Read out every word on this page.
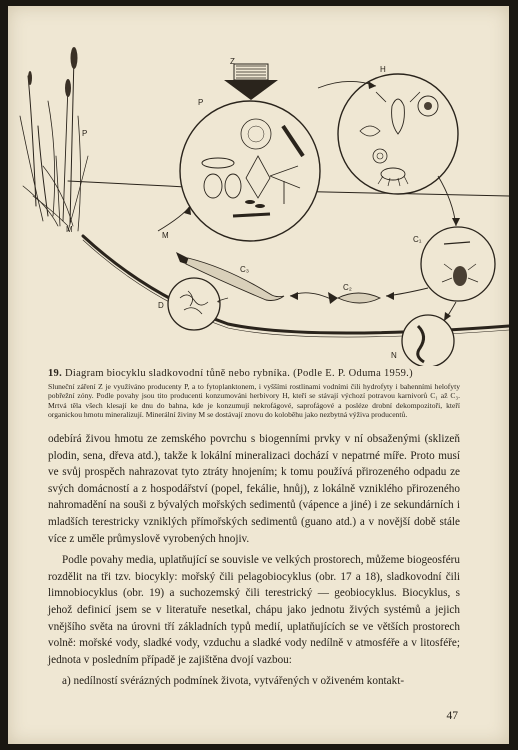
Z
P
H
M	C₁
C₂
C₃
D
N
P
M

19. Diagram biocyklu sladkovodní tůně nebo rybníka. (Podle E. P. Oduma 1959.)

Sluneční záření Z je využíváno producenty P, a to fytoplanktonem, i vyššími rostlinami vodními čili hydrofyty i bahenními helofyty pobřežní zóny. Podle povahy jsou tito producenti konzumováni herbivory H, kteří se stávají výchozí potravou karnivorů C₁ až C₃. Mrtvá těla všech klesají ke dnu do bahna, kde je konzumují nekrofágové, saprofágové a posléze drobní dekompozitoři, kteří organickou hmotu mineralizují. Minerální živiny M se dostávají znovu do koloběhu jako nezbytná výživa producentů.

odebírá živou hmotu ze zemského povrchu s biogenními prvky v ní obsaženými (sklizeň plodin, sena, dřeva atd.), takže k lokální mineralizaci dochází v nepatrné míře. Proto musí ve svůj prospěch nahrazovat tyto ztráty hnojením; k tomu používá přirozeného odpadu ze svých domácností a z hospodářství (popel, fekálie, hnůj), z lokálně vzniklého přirozeného nahromadění na souši z bývalých mořských sedimentů (vápence a jiné) i ze sekundárních i mladších terestricky vzniklých přímořských sedimentů (guano atd.) a v novější době stále více z uměle průmyslově vyrobených hnojiv.

Podle povahy media, uplatňující se souvisle ve velkých prostorech, můžeme biogeosféru rozdělit na tři tzv. biocykly: mořský čili pelagobiocyklus (obr. 17 a 18), sladkovodní čili limnobiocyklus (obr. 19) a suchozemský čili terestrický — geobiocyklus. Biocyklus, s jehož definicí jsem se v literatuře nesetkal, chápu jako jednotu živých systémů a jejich vnějšího světa na úrovni tří základních typů medií, uplatňujících se ve větších prostorech volně: mořské vody, sladké vody, vzduchu a sladké vody nedílně v atmosféře a v litosféře; jednota v posledním případě je zajištěna dvojí vazbou:

a) nedílností svérázných podmínek života, vytvářených v oživeném kontakt-

47
